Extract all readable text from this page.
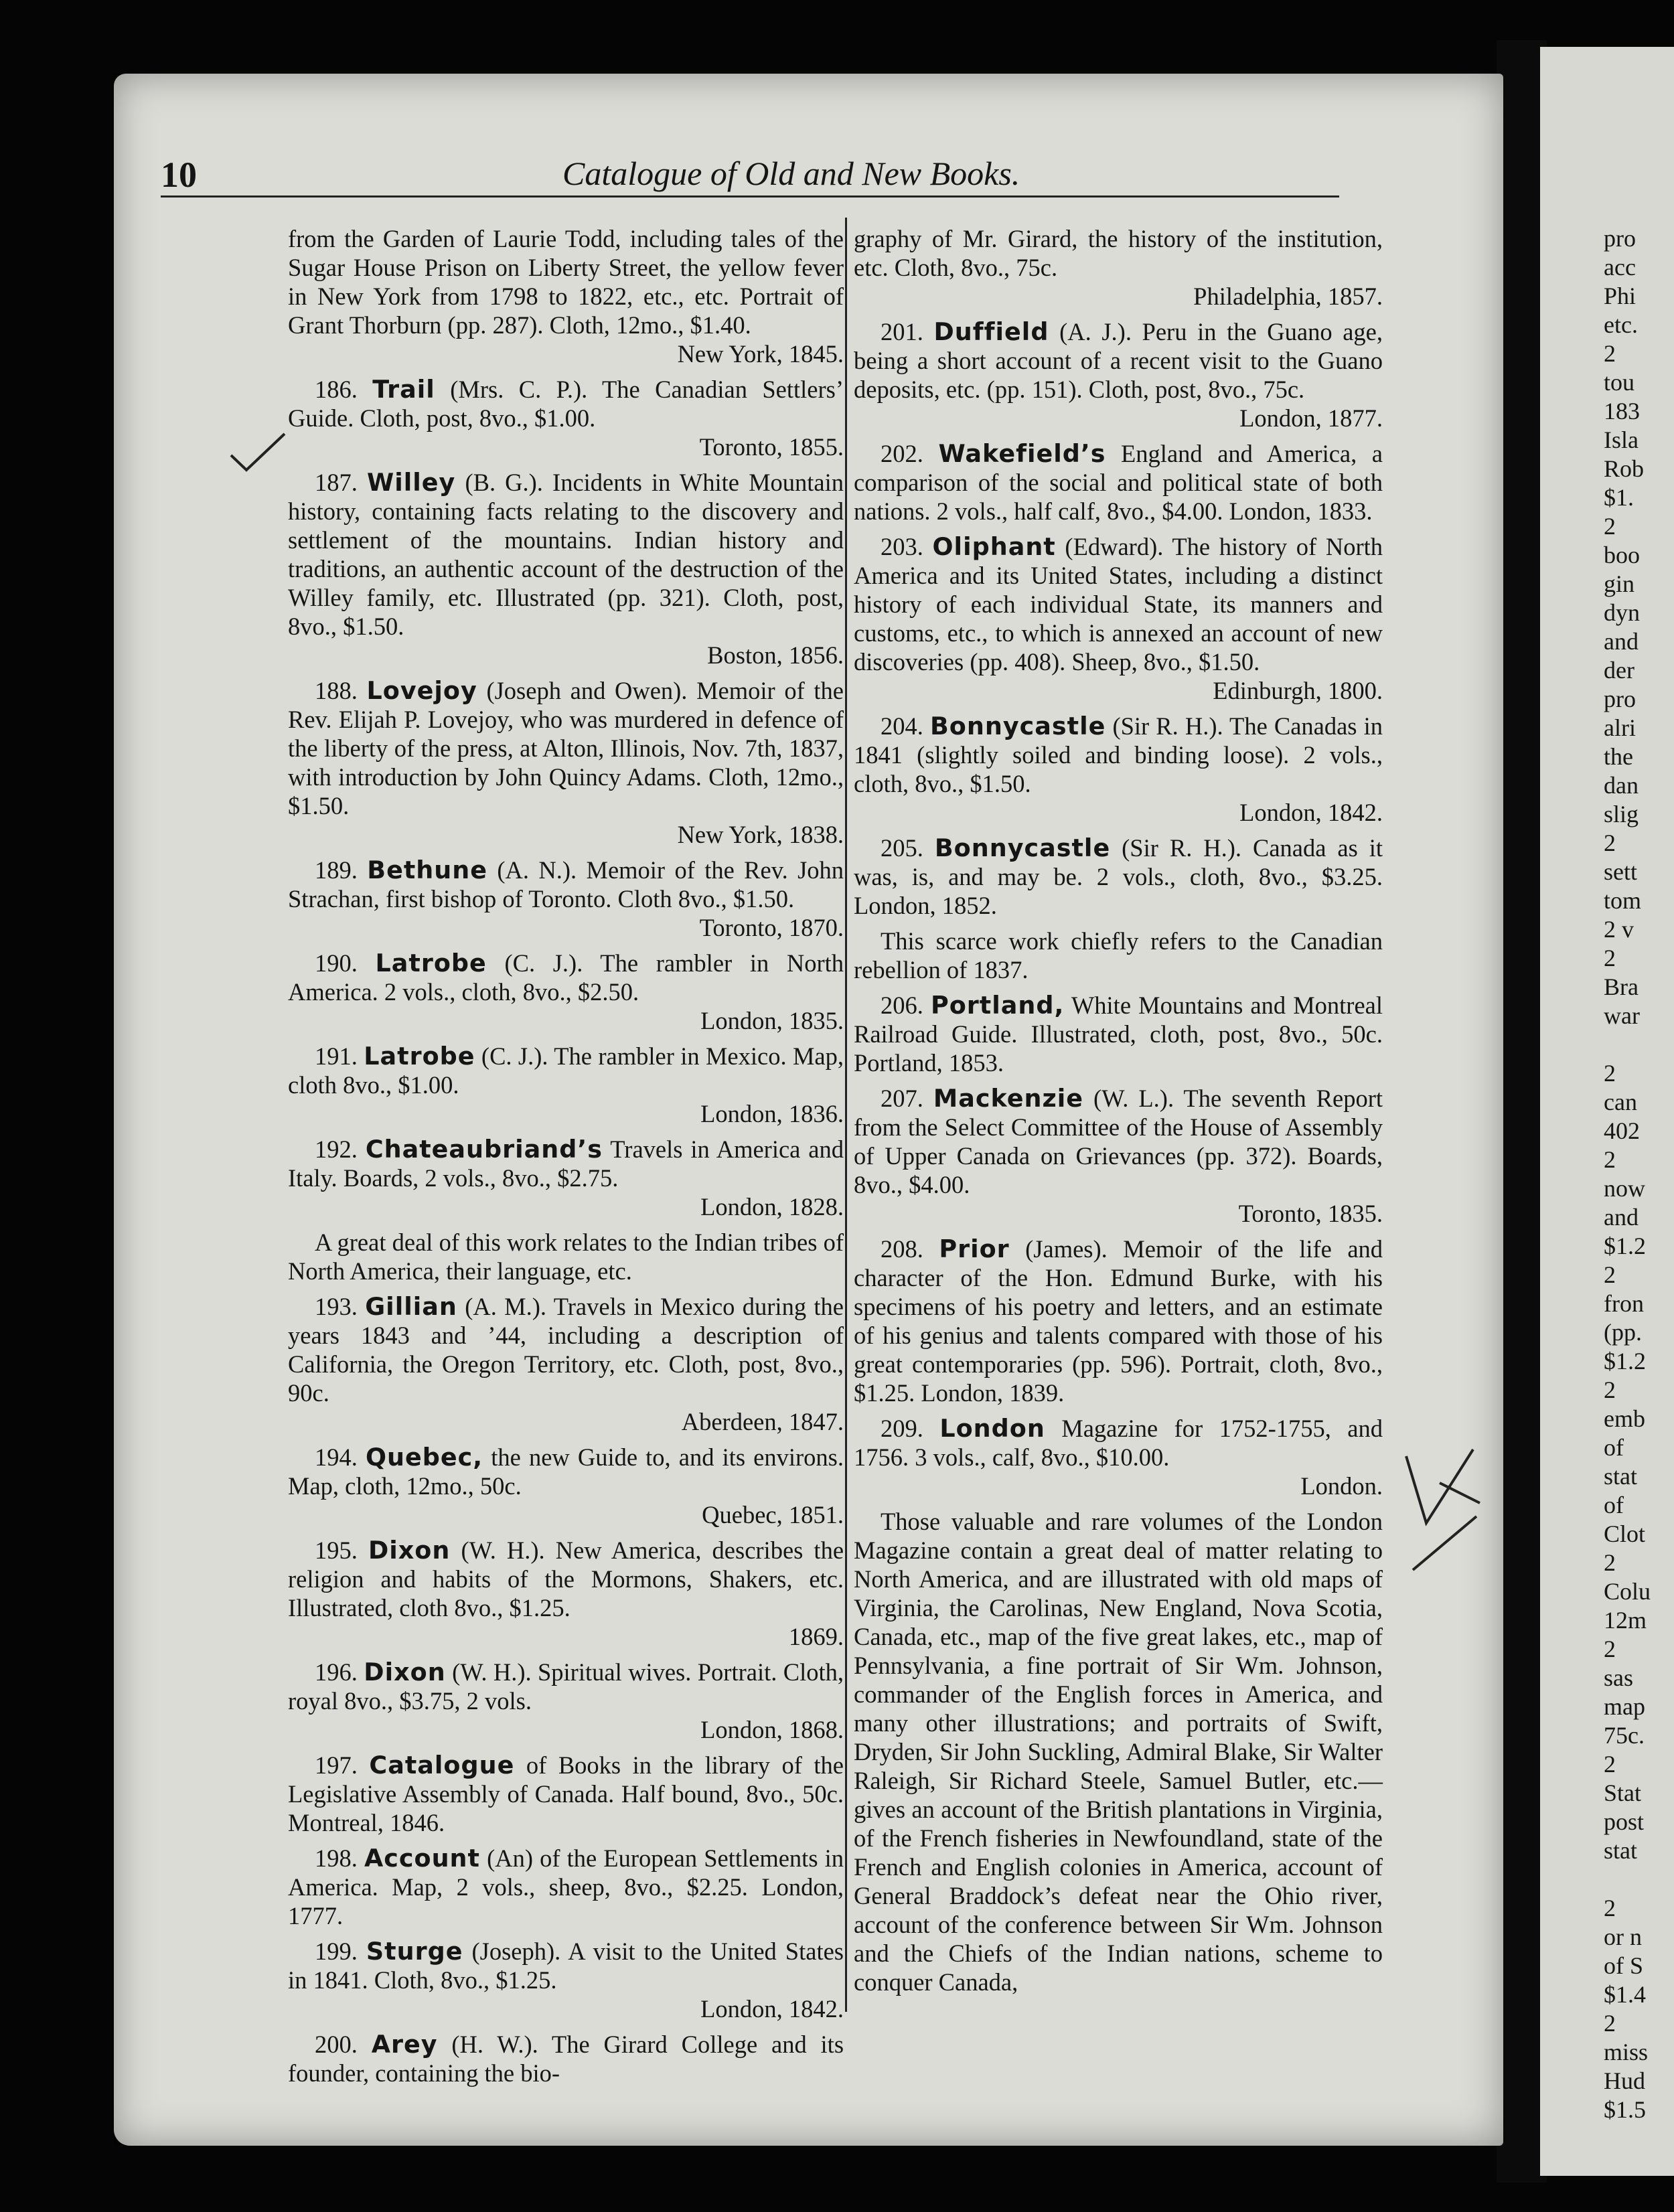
10	Catalogue of Old and New Books.

from the Garden of Laurie Todd, including tales of the Sugar House Prison on Liberty Street, the yellow fever in New York from 1798 to 1822, etc., etc. Portrait of Grant Thorburn (pp. 287). Cloth, 12mo., $1.40.
New York, 1845.

186. Trail (Mrs. C. P.). The Canadian Settlers’ Guide. Cloth, post, 8vo., $1.00.
Toronto, 1855.

187. Willey (B. G.). Incidents in White Mountain history, containing facts relating to the discovery and settlement of the mountains. Indian history and traditions, an authentic account of the destruction of the Willey family, etc. Illustrated (pp. 321). Cloth, post, 8vo., $1.50.
Boston, 1856.

188. Lovejoy (Joseph and Owen). Memoir of the Rev. Elijah P. Lovejoy, who was murdered in defence of the liberty of the press, at Alton, Illinois, Nov. 7th, 1837, with introduction by John Quincy Adams. Cloth, 12mo., $1.50.
New York, 1838.

189. Bethune (A. N.). Memoir of the Rev. John Strachan, first bishop of Toronto. Cloth 8vo., $1.50.
Toronto, 1870.

190. Latrobe (C. J.). The rambler in North America. 2 vols., cloth, 8vo., $2.50.
London, 1835.

191. Latrobe (C. J.). The rambler in Mexico. Map, cloth 8vo., $1.00.
London, 1836.

192. Chateaubriand’s Travels in America and Italy. Boards, 2 vols., 8vo., $2.75.
London, 1828.

A great deal of this work relates to the Indian tribes of North America, their language, etc.

193. Gillian (A. M.). Travels in Mexico during the years 1843 and ’44, including a description of California, the Oregon Territory, etc. Cloth, post, 8vo., 90c.
Aberdeen, 1847.

194. Quebec, the new Guide to, and its environs. Map, cloth, 12mo., 50c.
Quebec, 1851.

195. Dixon (W. H.). New America, describes the religion and habits of the Mormons, Shakers, etc. Illustrated, cloth 8vo., $1.25.
1869.

196. Dixon (W. H.). Spiritual wives. Portrait. Cloth, royal 8vo., $3.75, 2 vols.
London, 1868.

197. Catalogue of Books in the library of the Legislative Assembly of Canada. Half bound, 8vo., 50c. Montreal, 1846.

198. Account (An) of the European Settlements in America. Map, 2 vols., sheep, 8vo., $2.25. London, 1777.

199. Sturge (Joseph). A visit to the United States in 1841. Cloth, 8vo., $1.25.
London, 1842.

200. Arey (H. W.). The Girard College and its founder, containing the bio-

graphy of Mr. Girard, the history of the institution, etc. Cloth, 8vo., 75c.
Philadelphia, 1857.

201. Duffield (A. J.). Peru in the Guano age, being a short account of a recent visit to the Guano deposits, etc. (pp. 151). Cloth, post, 8vo., 75c.
London, 1877.

202. Wakefield’s England and America, a comparison of the social and political state of both nations. 2 vols., half calf, 8vo., $4.00. London, 1833.

203. Oliphant (Edward). The history of North America and its United States, including a distinct history of each individual State, its manners and customs, etc., to which is annexed an account of new discoveries (pp. 408). Sheep, 8vo., $1.50.
Edinburgh, 1800.

204. Bonnycastle (Sir R. H.). The Canadas in 1841 (slightly soiled and binding loose). 2 vols., cloth, 8vo., $1.50.
London, 1842.

205. Bonnycastle (Sir R. H.). Canada as it was, is, and may be. 2 vols., cloth, 8vo., $3.25. London, 1852.

This scarce work chiefly refers to the Canadian rebellion of 1837.

206. Portland, White Mountains and Montreal Railroad Guide. Illustrated, cloth, post, 8vo., 50c. Portland, 1853.

207. Mackenzie (W. L.). The seventh Report from the Select Committee of the House of Assembly of Upper Canada on Grievances (pp. 372). Boards, 8vo., $4.00.
Toronto, 1835.

208. Prior (James). Memoir of the life and character of the Hon. Edmund Burke, with his specimens of his poetry and letters, and an estimate of his genius and talents compared with those of his great contemporaries (pp. 596). Portrait, cloth, 8vo., $1.25. London, 1839.

209. London Magazine for 1752-1755, and 1756. 3 vols., calf, 8vo., $10.00.
London.

Those valuable and rare volumes of the London Magazine contain a great deal of matter relating to North America, and are illustrated with old maps of Virginia, the Carolinas, New England, Nova Scotia, Canada, etc., map of the five great lakes, etc., map of Pennsylvania, a fine portrait of Sir Wm. Johnson, commander of the English forces in America, and many other illustrations; and portraits of Swift, Dryden, Sir John Suckling, Admiral Blake, Sir Walter Raleigh, Sir Richard Steele, Samuel Butler, etc.—gives an account of the British plantations in Virginia, of the French fisheries in Newfoundland, state of the French and English colonies in America, account of General Braddock’s defeat near the Ohio river, account of the conference between Sir Wm. Johnson and the Chiefs of the Indian nations, scheme to conquer Canada,

pro
acc
Phi
etc.
2
tou
183
Isla
Rob
$1.
2
boo
gin
dyn
and
der
pro
alri
the
dan
slig
2
sett
tom
2 v
2
Bra
war
2
can
402
2
now
and
$1.2
2
fron
(pp.
$1.2
2
emb
of
stat
of
Clot
2
Colu
12m
2
sas
map
75c.
2
Stat
post
stat
2
or n
of S
$1.4
2
miss
Hud
$1.5
